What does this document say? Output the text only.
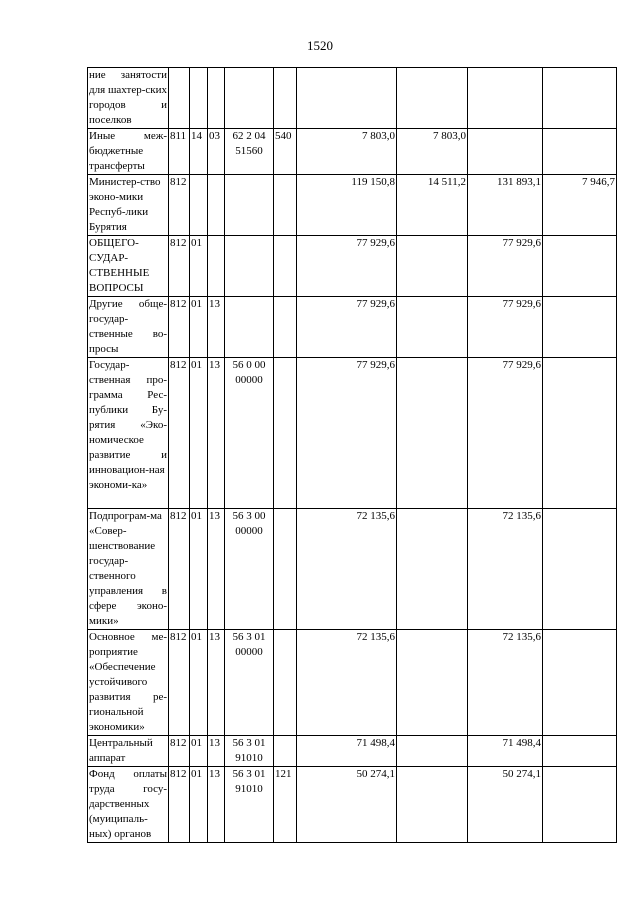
1520
ние занятости для шахтер-ских городов и поселков									
Иные меж-бюджетные трансферты	811	14	03	62 2 04 51560	540	7 803,0	7 803,0		
Министер-ство эконо-мики Респуб-лики Бурятия	812					119 150,8	14 511,2	131 893,1	7 946,7
ОБЩЕГО-СУДАР-СТВЕННЫЕ ВОПРОСЫ	812	01				77 929,6		77 929,6	
Другие обще-государ-ственные во-просы	812	01	13			77 929,6		77 929,6	
Государ-ственная про-грамма Рес-публики Бу-рятия «Эко-номическое развитие и инновацион-ная экономи-ка»	812	01	13	56 0 00 00000		77 929,6		77 929,6	
Подпрограм-ма «Совер-шенствование государ-ственного управления в сфере эконо-мики»	812	01	13	56 3 00 00000		72 135,6		72 135,6	
Основное ме-роприятие «Обеспечение устойчивого развития ре-гиональной экономики»	812	01	13	56 3 01 00000		72 135,6		72 135,6	
Центральный аппарат	812	01	13	56 3 01 91010		71 498,4		71 498,4	
Фонд оплаты труда госу-дарственных (муиципаль-ных) органов	812	01	13	56 3 01 91010	121	50 274,1		50 274,1	
